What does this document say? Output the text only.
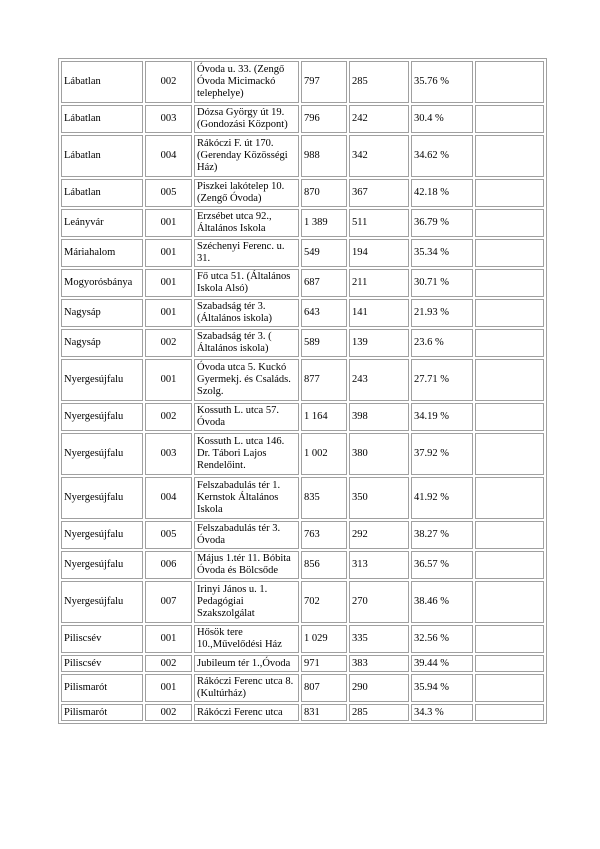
Lábatlan	002	Óvoda u. 33. (Zengő Óvoda Micimackó telephelye)	797	285	35.76 %	
Lábatlan	003	Dózsa György út 19. (Gondozási Központ)	796	242	30.4 %	
Lábatlan	004	Rákóczi F. út 170. (Gerenday Közösségi Ház)	988	342	34.62 %	
Lábatlan	005	Piszkei lakótelep 10. (Zengő Óvoda)	870	367	42.18 %	
Leányvár	001	Erzsébet utca 92., Általános Iskola	1 389	511	36.79 %	
Máriahalom	001	Széchenyi Ferenc. u. 31.	549	194	35.34 %	
Mogyorósbánya	001	Fő utca 51. (Általános Iskola Alsó)	687	211	30.71 %	
Nagysáp	001	Szabadság tér 3. (Általános iskola)	643	141	21.93 %	
Nagysáp	002	Szabadság tér 3. ( Általános iskola)	589	139	23.6 %	
Nyergesújfalu	001	Óvoda utca 5. Kuckó Gyermekj. és Családs. Szolg.	877	243	27.71 %	
Nyergesújfalu	002	Kossuth L. utca 57. Óvoda	1 164	398	34.19 %	
Nyergesújfalu	003	Kossuth L. utca 146. Dr. Tábori Lajos Rendelőint.	1 002	380	37.92 %	
Nyergesújfalu	004	Felszabadulás tér 1. Kernstok Általános Iskola	835	350	41.92 %	
Nyergesújfalu	005	Felszabadulás tér 3. Óvoda	763	292	38.27 %	
Nyergesújfalu	006	Május 1.tér 11. Bóbita Óvoda és Bölcsőde	856	313	36.57 %	
Nyergesújfalu	007	Irinyi János u. 1. Pedagógiai Szakszolgálat	702	270	38.46 %	
Piliscsév	001	Hősök tere 10.,Művelődési Ház	1 029	335	32.56 %	
Piliscsév	002	Jubileum tér 1.,Óvoda	971	383	39.44 %	
Pilismarót	001	Rákóczi Ferenc utca 8. (Kultúrház)	807	290	35.94 %	
Pilismarót	002	Rákóczi Ferenc utca	831	285	34.3 %	
